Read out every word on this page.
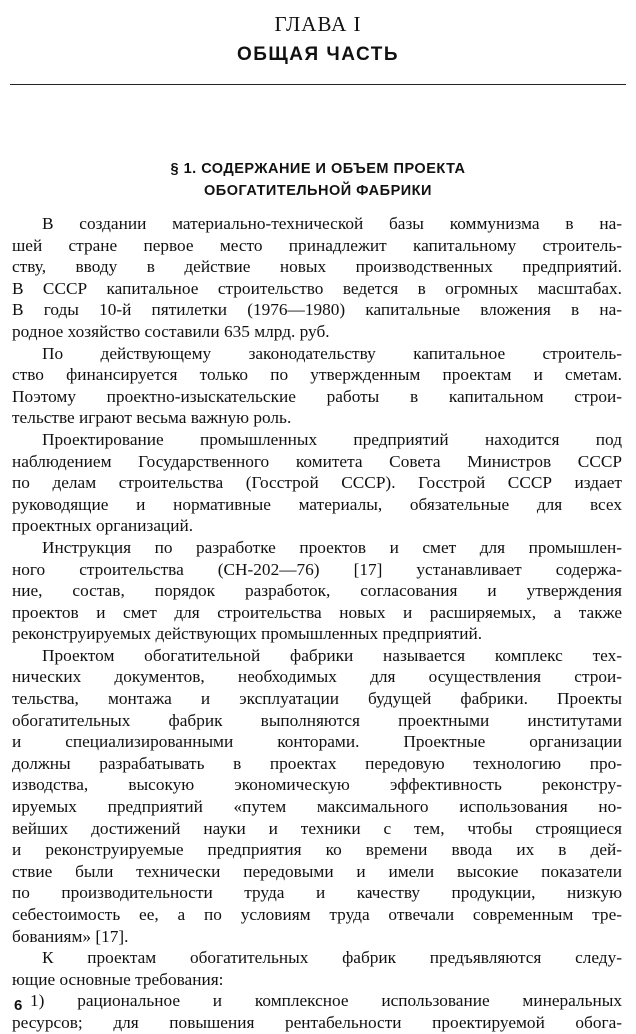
ГЛАВА I
ОБЩАЯ ЧАСТЬ
§ 1. СОДЕРЖАНИЕ И ОБЪЕМ ПРОЕКТА
ОБОГАТИТЕЛЬНОЙ ФАБРИКИ
В создании материально-технической базы коммунизма в на-
шей стране первое место принадлежит капитальному строитель-
ству, вводу в действие новых производственных предприятий.
В СССР капитальное строительство ведется в огромных масштабах.
В годы 10-й пятилетки (1976—1980) капитальные вложения в на-
родное хозяйство составили 635 млрд. руб.
По действующему законодательству капитальное строитель-
ство финансируется только по утвержденным проектам и сметам.
Поэтому проектно-изыскательские работы в капитальном строи-
тельстве играют весьма важную роль.
Проектирование промышленных предприятий находится под
наблюдением Государственного комитета Совета Министров СССР
по делам строительства (Госстрой СССР). Госстрой СССР издает
руководящие и нормативные материалы, обязательные для всех
проектных организаций.
Инструкция по разработке проектов и смет для промышлен-
ного строительства (СН-202—76) [17] устанавливает содержа-
ние, состав, порядок разработок, согласования и утверждения
проектов и смет для строительства новых и расширяемых, а также
реконструируемых действующих промышленных предприятий.
Проектом обогатительной фабрики называется комплекс тех-
нических документов, необходимых для осуществления строи-
тельства, монтажа и эксплуатации будущей фабрики. Проекты
обогатительных фабрик выполняются проектными институтами
и специализированными конторами. Проектные организации
должны разрабатывать в проектах передовую технологию про-
изводства, высокую экономическую эффективность реконстру-
ируемых предприятий «путем максимального использования но-
вейших достижений науки и техники с тем, чтобы строящиеся
и реконструируемые предприятия ко времени ввода их в дей-
ствие были технически передовыми и имели высокие показатели
по производительности труда и качеству продукции, низкую
себестоимость ее, а по условиям труда отвечали современным тре-
бованиям» [17].
К проектам обогатительных фабрик предъявляются следу-
ющие основные требования:
1) рациональное и комплексное использование минеральных
ресурсов; для повышения рентабельности проектируемой обога-
6
